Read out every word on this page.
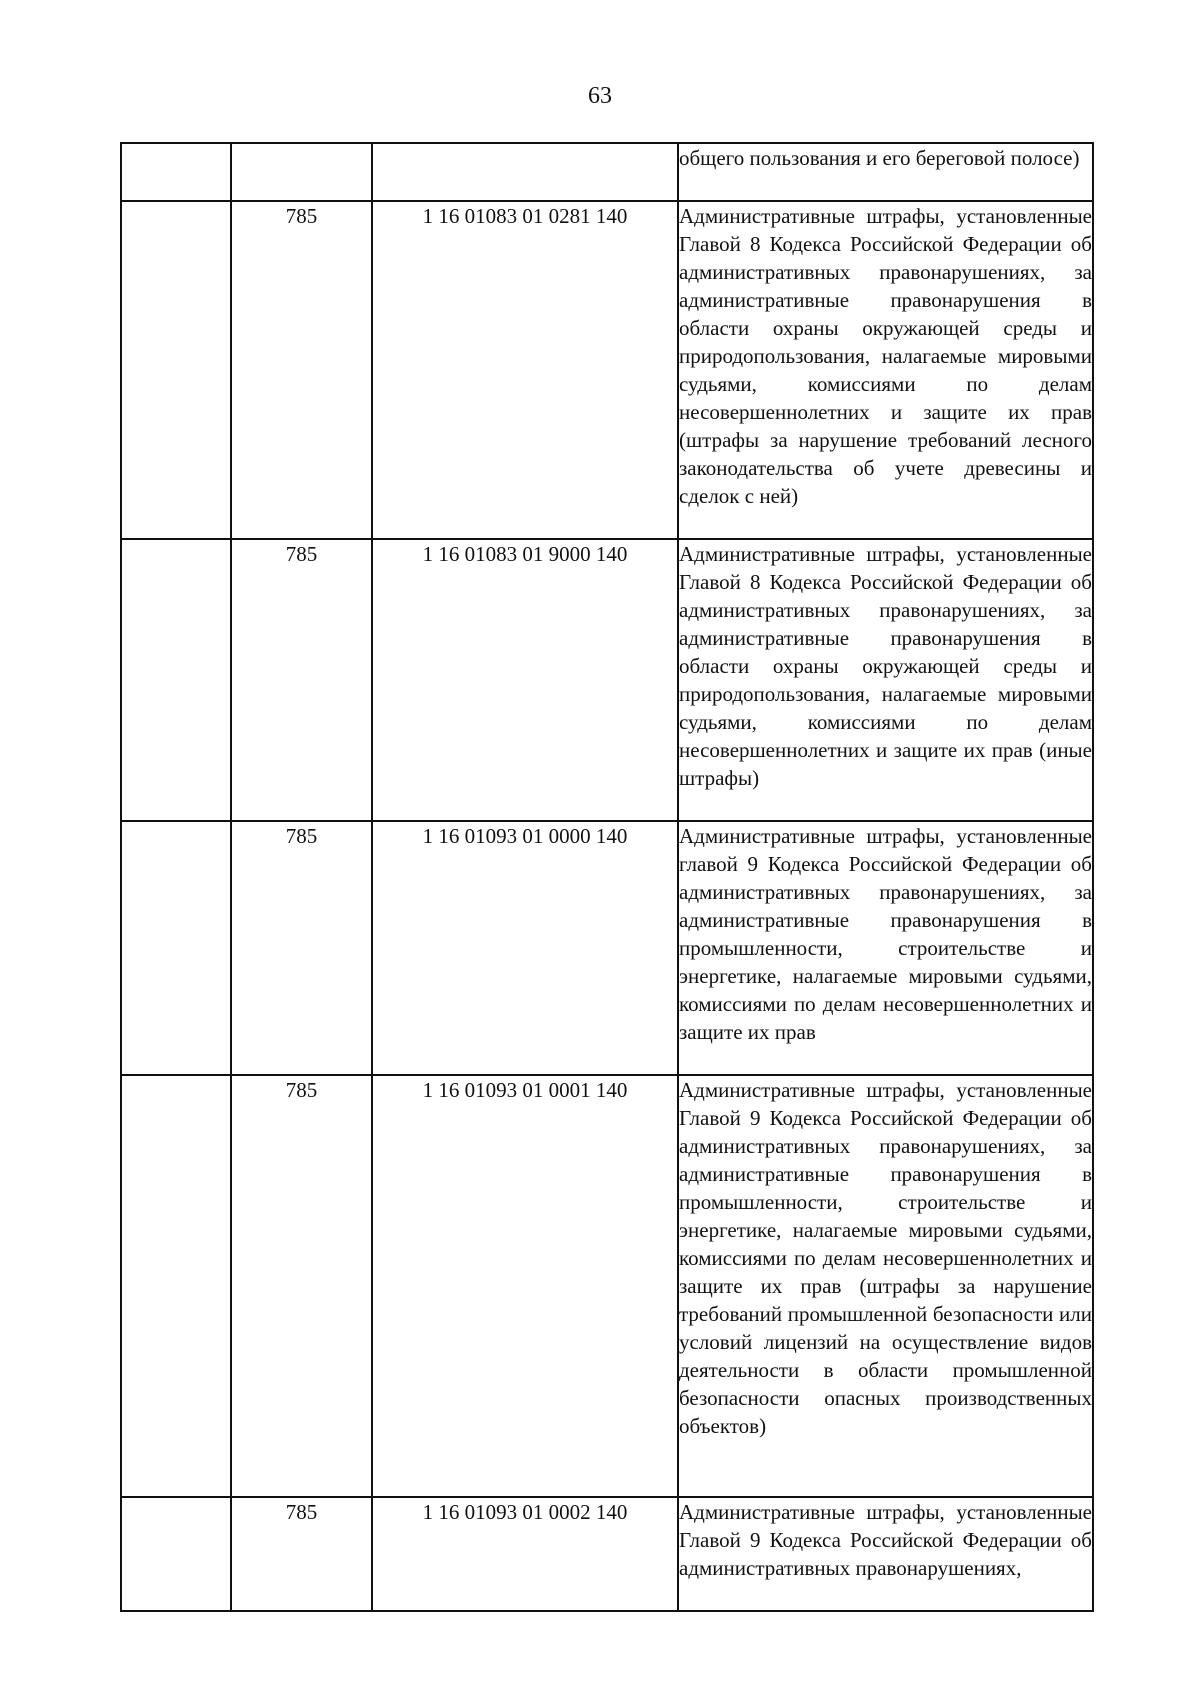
63
			общего пользования и его береговой полосе)
	785	1 16 01083 01 0281 140	Административные штрафы, установленные Главой 8 Кодекса Российской Федерации об административных правонарушениях, за административные правонарушения в области охраны окружающей среды и природопользования, налагаемые мировыми судьями, комиссиями по делам несовершеннолетних и защите их прав (штрафы за нарушение требований лесного законодательства об учете древесины и сделок с ней)
	785	1 16 01083 01 9000 140	Административные штрафы, установленные Главой 8 Кодекса Российской Федерации об административных правонарушениях, за административные правонарушения в области охраны окружающей среды и природопользования, налагаемые мировыми судьями, комиссиями по делам несовершеннолетних и защите их прав (иные штрафы)
	785	1 16 01093 01 0000 140	Административные штрафы, установленные главой 9 Кодекса Российской Федерации об административных правонарушениях, за административные правонарушения в промышленности, строительстве и энергетике, налагаемые мировыми судьями, комиссиями по делам несовершеннолетних и защите их прав
	785	1 16 01093 01 0001 140	Административные штрафы, установленные Главой 9 Кодекса Российской Федерации об административных правонарушениях, за административные правонарушения в промышленности, строительстве и энергетике, налагаемые мировыми судьями, комиссиями по делам несовершеннолетних и защите их прав (штрафы за нарушение требований промышленной безопасности или условий лицензий на осуществление видов деятельности в области промышленной безопасности опасных производственных объектов)
	785	1 16 01093 01 0002 140	Административные штрафы, установленные Главой 9 Кодекса Российской Федерации об административных правонарушениях,
